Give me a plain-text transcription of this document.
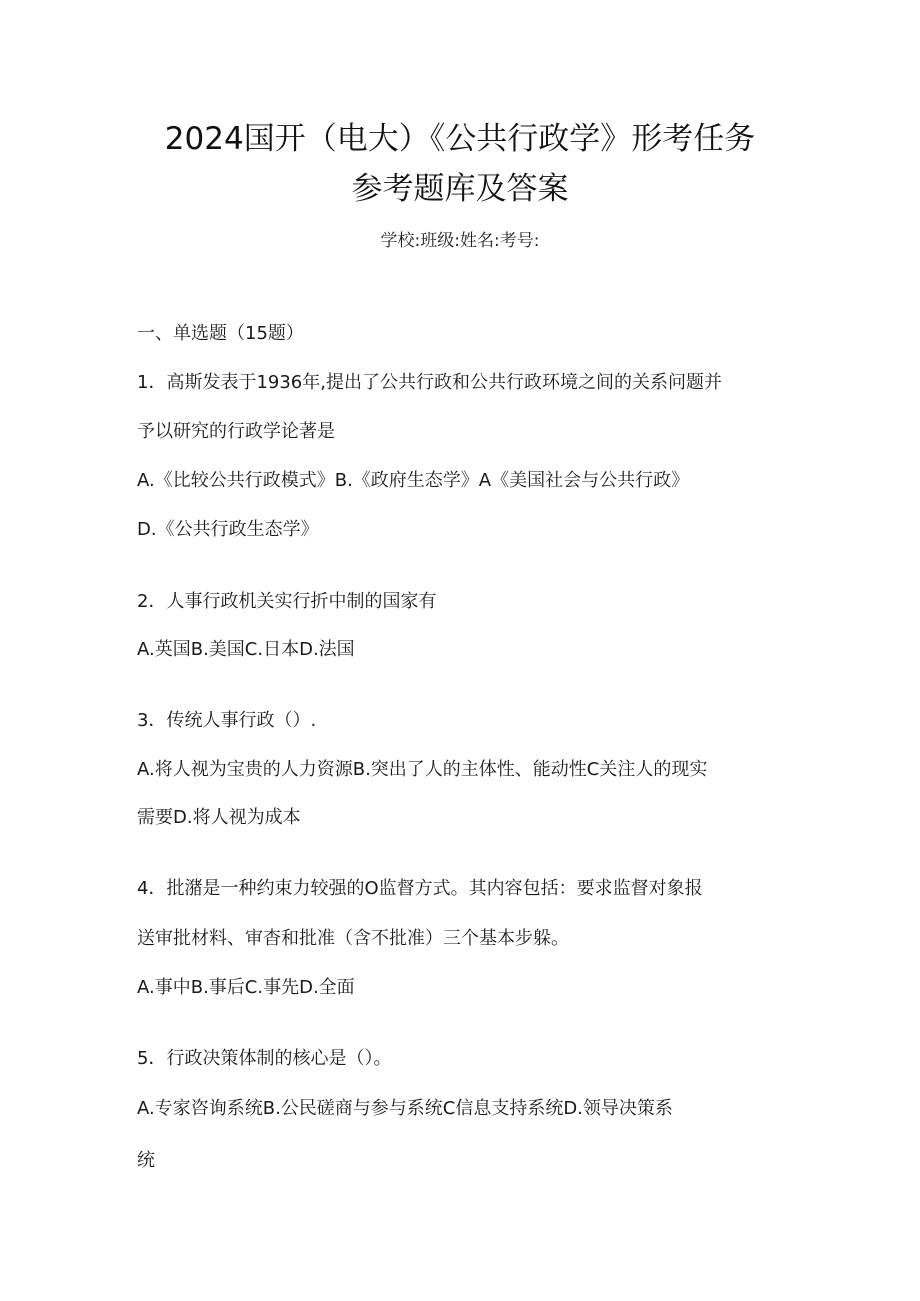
2024国开（电大）《公共行政学》形考任务
参考题库及答案
学校:班级:姓名:考号:
一、单选题（15题）
1．高斯发表于1936年,提出了公共行政和公共行政环境之间的关系问题并
予以研究的行政学论著是
A.《比较公共行政模式》B.《政府生态学》A《美国社会与公共行政》
D.《公共行政生态学》
2．人事行政机关实行折中制的国家有
A.英国B.美国C.日本D.法国
3．传统人事行政（）.
A.将人视为宝贵的人力资源B.突出了人的主体性、能动性C关注人的现实
需要D.将人视为成本
4．批潴是一种约束力较强的O监督方式。其内容包括：要求监督对象报
送审批材料、审杳和批准（含不批准）三个基本步躲。
A.事中B.事后C.事先D.全面
5．行政决策体制的核心是（）。
A.专家咨询系统B.公民磋商与参与系统C信息支持系统D.领导决策系
统
